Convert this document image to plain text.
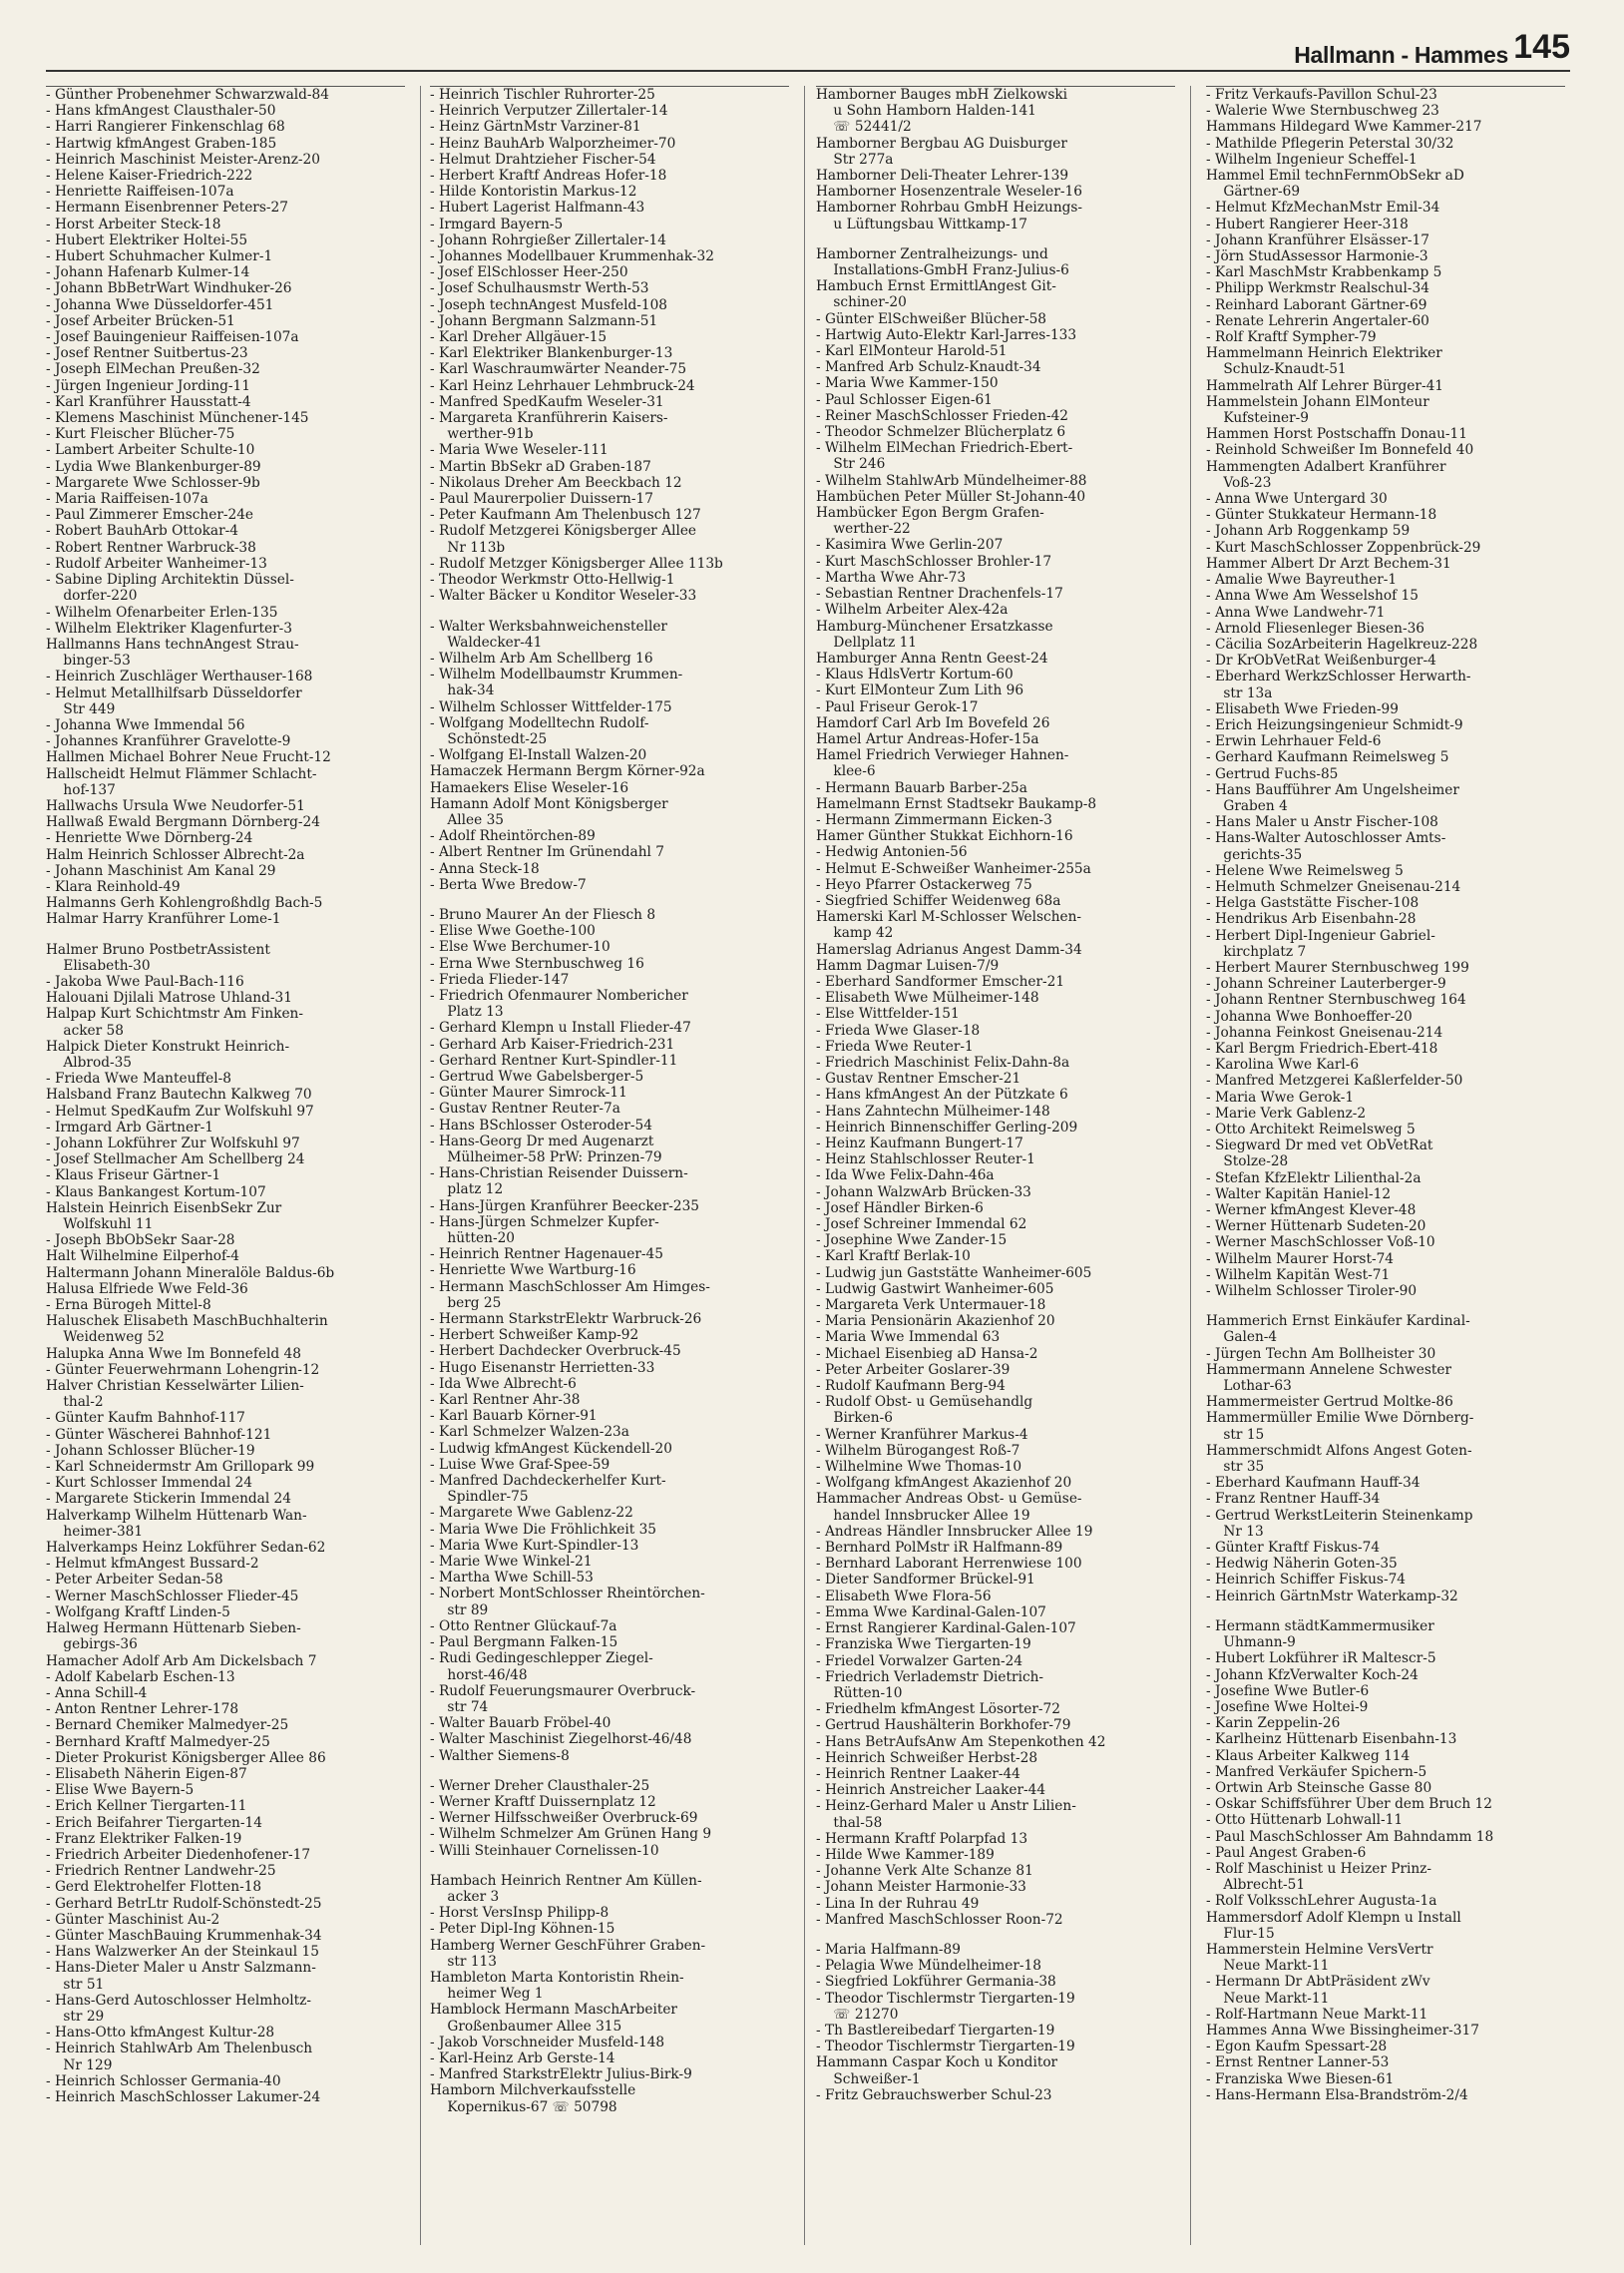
Hallmann - Hammes 145
- Günther Probenehmer Schwarzwald-84
- Hans kfmAngest Clausthaler-50
- Harri Rangierer Finkenschlag 68
- Hartwig kfmAngest Graben-185
- Heinrich Maschinist Meister-Arenz-20
- Helene Kaiser-Friedrich-222
- Henriette Raiffeisen-107a
- Hermann Eisenbrenner Peters-27
- Horst Arbeiter Steck-18
- Hubert Elektriker Holtei-55
- Hubert Schuhmacher Kulmer-1
- Johann Hafenarb Kulmer-14
- Johann BbBetrWart Windhuker-26
- Johanna Wwe Düsseldorfer-451
- Josef Arbeiter Brücken-51
- Josef Bauingenieur Raiffeisen-107a
- Josef Rentner Suitbertus-23
- Joseph ElMechan Preußen-32
- Jürgen Ingenieur Jording-11
- Karl Kranführer Hausstatt-4
- Klemens Maschinist Münchener-145
- Kurt Fleischer Blücher-75
- Lambert Arbeiter Schulte-10
- Lydia Wwe Blankenburger-89
- Margarete Wwe Schlosser-9b
- Maria Raiffeisen-107a
- Paul Zimmerer Emscher-24e
- Robert BauhArb Ottokar-4
- Robert Rentner Warbruck-38
- Rudolf Arbeiter Wanheimer-13
- Sabine Dipling Architektin Düssel-
dorfer-220
- Wilhelm Ofenarbeiter Erlen-135
- Wilhelm Elektriker Klagenfurter-3
Hallmanns Hans technAngest Strau-
binger-53
- Heinrich Zuschläger Werthauser-168
- Helmut Metallhilfsarb Düsseldorfer
Str 449
- Johanna Wwe Immendal 56
- Johannes Kranführer Gravelotte-9
Hallmen Michael Bohrer Neue Frucht-12
Hallscheidt Helmut Flämmer Schlacht-
hof-137
Hallwachs Ursula Wwe Neudorfer-51
Hallwaß Ewald Bergmann Dörnberg-24
- Henriette Wwe Dörnberg-24
Halm Heinrich Schlosser Albrecht-2a
- Johann Maschinist Am Kanal 29
- Klara Reinhold-49
Halmanns Gerh Kohlengroßhdlg Bach-5
Halmar Harry Kranführer Lome-1
Halmer Bruno PostbetrAssistent
Elisabeth-30
- Jakoba Wwe Paul-Bach-116
Halouani Djilali Matrose Uhland-31
Halpap Kurt Schichtmstr Am Finken-
acker 58
Halpick Dieter Konstrukt Heinrich-
Albrod-35
- Frieda Wwe Manteuffel-8
Halsband Franz Bautechn Kalkweg 70
- Helmut SpedKaufm Zur Wolfskuhl 97
- Irmgard Arb Gärtner-1
- Johann Lokführer Zur Wolfskuhl 97
- Josef Stellmacher Am Schellberg 24
- Klaus Friseur Gärtner-1
- Klaus Bankangest Kortum-107
Halstein Heinrich EisenbSekr Zur
Wolfskuhl 11
- Joseph BbObSekr Saar-28
Halt Wilhelmine Eilperhof-4
Haltermann Johann Mineralöle Baldus-6b
Halusa Elfriede Wwe Feld-36
- Erna Bürogeh Mittel-8
Haluschek Elisabeth MaschBuchhalterin
Weidenweg 52
Halupka Anna Wwe Im Bonnefeld 48
- Günter Feuerwehrmann Lohengrin-12
Halver Christian Kesselwärter Lilien-
thal-2
- Günter Kaufm Bahnhof-117
- Günter Wäscherei Bahnhof-121
- Johann Schlosser Blücher-19
- Karl Schneidermstr Am Grillopark 99
- Kurt Schlosser Immendal 24
- Margarete Stickerin Immendal 24
Halverkamp Wilhelm Hüttenarb Wan-
heimer-381
Halverkamps Heinz Lokführer Sedan-62
- Helmut kfmAngest Bussard-2
- Peter Arbeiter Sedan-58
- Werner MaschSchlosser Flieder-45
- Wolfgang Kraftf Linden-5
Halweg Hermann Hüttenarb Sieben-
gebirgs-36
Hamacher Adolf Arb Am Dickelsbach 7
- Adolf Kabelarb Eschen-13
- Anna Schill-4
- Anton Rentner Lehrer-178
- Bernard Chemiker Malmedyer-25
- Bernhard Kraftf Malmedyer-25
- Dieter Prokurist Königsberger Allee 86
- Elisabeth Näherin Eigen-87
- Elise Wwe Bayern-5
- Erich Kellner Tiergarten-11
- Erich Beifahrer Tiergarten-14
- Franz Elektriker Falken-19
- Friedrich Arbeiter Diedenhofener-17
- Friedrich Rentner Landwehr-25
- Gerd Elektrohelfer Flotten-18
- Gerhard BetrLtr Rudolf-Schönstedt-25
- Günter Maschinist Au-2
- Günter MaschBauing Krummenhak-34
- Hans Walzwerker An der Steinkaul 15
- Hans-Dieter Maler u Anstr Salzmann-
str 51
- Hans-Gerd Autoschlosser Helmholtz-
str 29
- Hans-Otto kfmAngest Kultur-28
- Heinrich StahlwArb Am Thelenbusch
Nr 129
- Heinrich Schlosser Germania-40
- Heinrich MaschSchlosser Lakumer-24
- Heinrich Tischler Ruhrorter-25
- Heinrich Verputzer Zillertaler-14
- Heinz GärtnMstr Varziner-81
- Heinz BauhArb Walporzheimer-70
- Helmut Drahtzieher Fischer-54
- Herbert Kraftf Andreas Hofer-18
- Hilde Kontoristin Markus-12
- Hubert Lagerist Halfmann-43
- Irmgard Bayern-5
- Johann Rohrgießer Zillertaler-14
- Johannes Modellbauer Krummenhak-32
- Josef ElSchlosser Heer-250
- Josef Schulhausmstr Werth-53
- Joseph technAngest Musfeld-108
- Johann Bergmann Salzmann-51
- Karl Dreher Allgäuer-15
- Karl Elektriker Blankenburger-13
- Karl Waschraumwärter Neander-75
- Karl Heinz Lehrhauer Lehmbruck-24
- Manfred SpedKaufm Weseler-31
- Margareta Kranführerin Kaisers-
werther-91b
- Maria Wwe Weseler-111
- Martin BbSekr aD Graben-187
- Nikolaus Dreher Am Beeckbach 12
- Paul Maurerpolier Duissern-17
- Peter Kaufmann Am Thelenbusch 127
- Rudolf Metzgerei Königsberger Allee
Nr 113b
- Rudolf Metzger Königsberger Allee 113b
- Theodor Werkmstr Otto-Hellwig-1
- Walter Bäcker u Konditor Weseler-33
- Walter Werksbahnweichensteller
Waldecker-41
- Wilhelm Arb Am Schellberg 16
- Wilhelm Modellbaumstr Krummen-
hak-34
- Wilhelm Schlosser Wittfelder-175
- Wolfgang Modelltechn Rudolf-
Schönstedt-25
- Wolfgang El-Install Walzen-20
Hamaczek Hermann Bergm Körner-92a
Hamaekers Elise Weseler-16
Hamann Adolf Mont Königsberger
Allee 35
- Adolf Rheintörchen-89
- Albert Rentner Im Grünendahl 7
- Anna Steck-18
- Berta Wwe Bredow-7
- Bruno Maurer An der Fliesch 8
- Elise Wwe Goethe-100
- Else Wwe Berchumer-10
- Erna Wwe Sternbuschweg 16
- Frieda Flieder-147
- Friedrich Ofenmaurer Nombericher
Platz 13
- Gerhard Klempn u Install Flieder-47
- Gerhard Arb Kaiser-Friedrich-231
- Gerhard Rentner Kurt-Spindler-11
- Gertrud Wwe Gabelsberger-5
- Günter Maurer Simrock-11
- Gustav Rentner Reuter-7a
- Hans BSchlosser Osteroder-54
- Hans-Georg Dr med Augenarzt
Mülheimer-58 PrW: Prinzen-79
- Hans-Christian Reisender Duissern-
platz 12
- Hans-Jürgen Kranführer Beecker-235
- Hans-Jürgen Schmelzer Kupfer-
hütten-20
- Heinrich Rentner Hagenauer-45
- Henriette Wwe Wartburg-16
- Hermann MaschSchlosser Am Himges-
berg 25
- Hermann StarkstrElektr Warbruck-26
- Herbert Schweißer Kamp-92
- Herbert Dachdecker Overbruck-45
- Hugo Eisenanstr Herrietten-33
- Ida Wwe Albrecht-6
- Karl Rentner Ahr-38
- Karl Bauarb Körner-91
- Karl Schmelzer Walzen-23a
- Ludwig kfmAngest Kückendell-20
- Luise Wwe Graf-Spee-59
- Manfred Dachdeckerhelfer Kurt-
Spindler-75
- Margarete Wwe Gablenz-22
- Maria Wwe Die Fröhlichkeit 35
- Maria Wwe Kurt-Spindler-13
- Marie Wwe Winkel-21
- Martha Wwe Schill-53
- Norbert MontSchlosser Rheintörchen-
str 89
- Otto Rentner Glückauf-7a
- Paul Bergmann Falken-15
- Rudi Gedingeschlepper Ziegel-
horst-46/48
- Rudolf Feuerungsmaurer Overbruck-
str 74
- Walter Bauarb Fröbel-40
- Walter Maschinist Ziegelhorst-46/48
- Walther Siemens-8
- Werner Dreher Clausthaler-25
- Werner Kraftf Duissernplatz 12
- Werner Hilfsschweißer Overbruck-69
- Wilhelm Schmelzer Am Grünen Hang 9
- Willi Steinhauer Cornelissen-10
Hambach Heinrich Rentner Am Küllen-
acker 3
- Horst VersInsp Philipp-8
- Peter Dipl-Ing Köhnen-15
Hamberg Werner GeschFührer Graben-
str 113
Hambleton Marta Kontoristin Rhein-
heimer Weg 1
Hamblock Hermann MaschArbeiter
Großenbaumer Allee 315
- Jakob Vorschneider Musfeld-148
- Karl-Heinz Arb Gerste-14
- Manfred StarkstrElektr Julius-Birk-9
Hamborn Milchverkaufsstelle
Kopernikus-67 ☏ 50798
Hamborner Bauges mbH Zielkowski
u Sohn Hamborn Halden-141
☏ 52441/2
Hamborner Bergbau AG Duisburger
Str 277a
Hamborner Deli-Theater Lehrer-139
Hamborner Hosenzentrale Weseler-16
Hamborner Rohrbau GmbH Heizungs-
u Lüftungsbau Wittkamp-17
Hamborner Zentralheizungs- und
Installations-GmbH Franz-Julius-6
Hambuch Ernst ErmittlAngest Git-
schiner-20
- Günter ElSchweißer Blücher-58
- Hartwig Auto-Elektr Karl-Jarres-133
- Karl ElMonteur Harold-51
- Manfred Arb Schulz-Knaudt-34
- Maria Wwe Kammer-150
- Paul Schlosser Eigen-61
- Reiner MaschSchlosser Frieden-42
- Theodor Schmelzer Blücherplatz 6
- Wilhelm ElMechan Friedrich-Ebert-
Str 246
- Wilhelm StahlwArb Mündelheimer-88
Hambüchen Peter Müller St-Johann-40
Hambücker Egon Bergm Grafen-
werther-22
- Kasimira Wwe Gerlin-207
- Kurt MaschSchlosser Brohler-17
- Martha Wwe Ahr-73
- Sebastian Rentner Drachenfels-17
- Wilhelm Arbeiter Alex-42a
Hamburg-Münchener Ersatzkasse
Dellplatz 11
Hamburger Anna Rentn Geest-24
- Klaus HdlsVertr Kortum-60
- Kurt ElMonteur Zum Lith 96
- Paul Friseur Gerok-17
Hamdorf Carl Arb Im Bovefeld 26
Hamel Artur Andreas-Hofer-15a
Hamel Friedrich Verwieger Hahnen-
klee-6
- Hermann Bauarb Barber-25a
Hamelmann Ernst Stadtsekr Baukamp-8
- Hermann Zimmermann Eicken-3
Hamer Günther Stukkat Eichhorn-16
- Hedwig Antonien-56
- Helmut E-Schweißer Wanheimer-255a
- Heyo Pfarrer Ostackerweg 75
- Siegfried Schiffer Weidenweg 68a
Hamerski Karl M-Schlosser Welschen-
kamp 42
Hamerslag Adrianus Angest Damm-34
Hamm Dagmar Luisen-7/9
- Eberhard Sandformer Emscher-21
- Elisabeth Wwe Mülheimer-148
- Else Wittfelder-151
- Frieda Wwe Glaser-18
- Frieda Wwe Reuter-1
- Friedrich Maschinist Felix-Dahn-8a
- Gustav Rentner Emscher-21
- Hans kfmAngest An der Pützkate 6
- Hans Zahntechn Mülheimer-148
- Heinrich Binnenschiffer Gerling-209
- Heinz Kaufmann Bungert-17
- Heinz Stahlschlosser Reuter-1
- Ida Wwe Felix-Dahn-46a
- Johann WalzwArb Brücken-33
- Josef Händler Birken-6
- Josef Schreiner Immendal 62
- Josephine Wwe Zander-15
- Karl Kraftf Berlak-10
- Ludwig jun Gaststätte Wanheimer-605
- Ludwig Gastwirt Wanheimer-605
- Margareta Verk Untermauer-18
- Maria Pensionärin Akazienhof 20
- Maria Wwe Immendal 63
- Michael Eisenbieg aD Hansa-2
- Peter Arbeiter Goslarer-39
- Rudolf Kaufmann Berg-94
- Rudolf Obst- u Gemüsehandlg
Birken-6
- Werner Kranführer Markus-4
- Wilhelm Bürogangest Roß-7
- Wilhelmine Wwe Thomas-10
- Wolfgang kfmAngest Akazienhof 20
Hammacher Andreas Obst- u Gemüse-
handel Innsbrucker Allee 19
- Andreas Händler Innsbrucker Allee 19
- Bernhard PolMstr iR Halfmann-89
- Bernhard Laborant Herrenwiese 100
- Dieter Sandformer Brückel-91
- Elisabeth Wwe Flora-56
- Emma Wwe Kardinal-Galen-107
- Ernst Rangierer Kardinal-Galen-107
- Franziska Wwe Tiergarten-19
- Friedel Vorwalzer Garten-24
- Friedrich Verlademstr Dietrich-
Rütten-10
- Friedhelm kfmAngest Lösorter-72
- Gertrud Haushälterin Borkhofer-79
- Hans BetrAufsAnw Am Stepenkothen 42
- Heinrich Schweißer Herbst-28
- Heinrich Rentner Laaker-44
- Heinrich Anstreicher Laaker-44
- Heinz-Gerhard Maler u Anstr Lilien-
thal-58
- Hermann Kraftf Polarpfad 13
- Hilde Wwe Kammer-189
- Johanne Verk Alte Schanze 81
- Johann Meister Harmonie-33
- Lina In der Ruhrau 49
- Manfred MaschSchlosser Roon-72
- Maria Halfmann-89
- Pelagia Wwe Mündelheimer-18
- Siegfried Lokführer Germania-38
- Theodor Tischlermstr Tiergarten-19
☏ 21270
- Th Bastlereibedarf Tiergarten-19
- Theodor Tischlermstr Tiergarten-19
Hammann Caspar Koch u Konditor
Schweißer-1
- Fritz Gebrauchswerber Schul-23
- Fritz Verkaufs-Pavillon Schul-23
- Walerie Wwe Sternbuschweg 23
Hammans Hildegard Wwe Kammer-217
- Mathilde Pflegerin Peterstal 30/32
- Wilhelm Ingenieur Scheffel-1
Hammel Emil technFernmObSekr aD
Gärtner-69
- Helmut KfzMechanMstr Emil-34
- Hubert Rangierer Heer-318
- Johann Kranführer Elsässer-17
- Jörn StudAssessor Harmonie-3
- Karl MaschMstr Krabbenkamp 5
- Philipp Werkmstr Realschul-34
- Reinhard Laborant Gärtner-69
- Renate Lehrerin Angertaler-60
- Rolf Kraftf Sympher-79
Hammelmann Heinrich Elektriker
Schulz-Knaudt-51
Hammelrath Alf Lehrer Bürger-41
Hammelstein Johann ElMonteur
Kufsteiner-9
Hammen Horst Postschaffn Donau-11
- Reinhold Schweißer Im Bonnefeld 40
Hammengten Adalbert Kranführer
Voß-23
- Anna Wwe Untergard 30
- Günter Stukkateur Hermann-18
- Johann Arb Roggenkamp 59
- Kurt MaschSchlosser Zoppenbrück-29
Hammer Albert Dr Arzt Bechem-31
- Amalie Wwe Bayreuther-1
- Anna Wwe Am Wesselshof 15
- Anna Wwe Landwehr-71
- Arnold Fliesenleger Biesen-36
- Cäcilia SozArbeiterin Hagelkreuz-228
- Dr KrObVetRat Weißenburger-4
- Eberhard WerkzSchlosser Herwarth-
str 13a
- Elisabeth Wwe Frieden-99
- Erich Heizungsingenieur Schmidt-9
- Erwin Lehrhauer Feld-6
- Gerhard Kaufmann Reimelsweg 5
- Gertrud Fuchs-85
- Hans Baufführer Am Ungelsheimer
Graben 4
- Hans Maler u Anstr Fischer-108
- Hans-Walter Autoschlosser Amts-
gerichts-35
- Helene Wwe Reimelsweg 5
- Helmuth Schmelzer Gneisenau-214
- Helga Gaststätte Fischer-108
- Hendrikus Arb Eisenbahn-28
- Herbert Dipl-Ingenieur Gabriel-
kirchplatz 7
- Herbert Maurer Sternbuschweg 199
- Johann Schreiner Lauterberger-9
- Johann Rentner Sternbuschweg 164
- Johanna Wwe Bonhoeffer-20
- Johanna Feinkost Gneisenau-214
- Karl Bergm Friedrich-Ebert-418
- Karolina Wwe Karl-6
- Manfred Metzgerei Kaßlerfelder-50
- Maria Wwe Gerok-1
- Marie Verk Gablenz-2
- Otto Architekt Reimelsweg 5
- Siegward Dr med vet ObVetRat
Stolze-28
- Stefan KfzElektr Lilienthal-2a
- Walter Kapitän Haniel-12
- Werner kfmAngest Klever-48
- Werner Hüttenarb Sudeten-20
- Werner MaschSchlosser Voß-10
- Wilhelm Maurer Horst-74
- Wilhelm Kapitän West-71
- Wilhelm Schlosser Tiroler-90
Hammerich Ernst Einkäufer Kardinal-
Galen-4
- Jürgen Techn Am Bollheister 30
Hammermann Annelene Schwester
Lothar-63
Hammermeister Gertrud Moltke-86
Hammermüller Emilie Wwe Dörnberg-
str 15
Hammerschmidt Alfons Angest Goten-
str 35
- Eberhard Kaufmann Hauff-34
- Franz Rentner Hauff-34
- Gertrud WerkstLeiterin Steinenkamp
Nr 13
- Günter Kraftf Fiskus-74
- Hedwig Näherin Goten-35
- Heinrich Schiffer Fiskus-74
- Heinrich GärtnMstr Waterkamp-32
- Hermann städtKammermusiker
Uhmann-9
- Hubert Lokführer iR Maltescr-5
- Johann KfzVerwalter Koch-24
- Josefine Wwe Butler-6
- Josefine Wwe Holtei-9
- Karin Zeppelin-26
- Karlheinz Hüttenarb Eisenbahn-13
- Klaus Arbeiter Kalkweg 114
- Manfred Verkäufer Spichern-5
- Ortwin Arb Steinsche Gasse 80
- Oskar Schiffsführer Über dem Bruch 12
- Otto Hüttenarb Lohwall-11
- Paul MaschSchlosser Am Bahndamm 18
- Paul Angest Graben-6
- Rolf Maschinist u Heizer Prinz-
Albrecht-51
- Rolf VolksschLehrer Augusta-1a
Hammersdorf Adolf Klempn u Install
Flur-15
Hammerstein Helmine VersVertr
Neue Markt-11
- Hermann Dr AbtPräsident zWv
Neue Markt-11
- Rolf-Hartmann Neue Markt-11
Hammes Anna Wwe Bissingheimer-317
- Egon Kaufm Spessart-28
- Ernst Rentner Lanner-53
- Franziska Wwe Biesen-61
- Hans-Hermann Elsa-Brandström-2/4
